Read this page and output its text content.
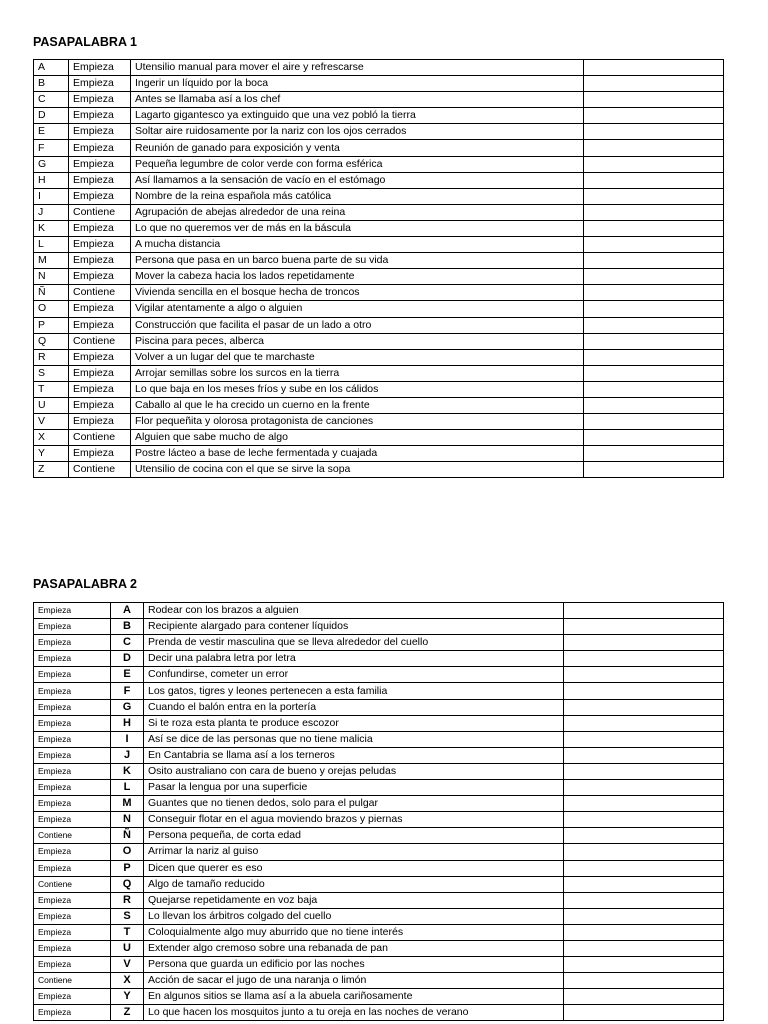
PASAPALABRA 1
A	Empieza	Utensilio manual para mover el aire y refrescarse	
B	Empieza	Ingerir un líquido por la boca	
C	Empieza	Antes se llamaba así a los chef	
D	Empieza	Lagarto gigantesco ya extinguido que una vez pobló la tierra	
E	Empieza	Soltar aire ruidosamente por la nariz con los ojos cerrados	
F	Empieza	Reunión de ganado para exposición y venta	
G	Empieza	Pequeña legumbre de color verde con forma esférica	
H	Empieza	Así llamamos a la sensación de vacío en el estómago	
I	Empieza	Nombre de la reina española más católica	
J	Contiene	Agrupación de abejas alrededor de una reina	
K	Empieza	Lo que no queremos ver de más en la báscula	
L	Empieza	A mucha distancia	
M	Empieza	Persona que pasa en un barco buena parte de su vida	
N	Empieza	Mover la cabeza hacia los lados repetidamente	
Ñ	Contiene	Vivienda sencilla en el bosque hecha de troncos	
O	Empieza	Vigilar atentamente a algo o alguien	
P	Empieza	Construcción que facilita el pasar de un lado a otro	
Q	Contiene	Piscina para peces, alberca	
R	Empieza	Volver a un lugar del que te marchaste	
S	Empieza	Arrojar semillas sobre los surcos en la tierra	
T	Empieza	Lo que baja en los meses fríos y sube en los cálidos	
U	Empieza	Caballo al que le ha crecido un cuerno en la frente	
V	Empieza	Flor pequeñita y olorosa protagonista de canciones	
X	Contiene	Alguien que sabe mucho de algo	
Y	Empieza	Postre lácteo a base de leche fermentada y cuajada	
Z	Contiene	Utensilio de cocina con el que se sirve la sopa	
PASAPALABRA 2
Empieza	A	Rodear con los brazos a alguien	
Empieza	B	Recipiente alargado para contener líquidos	
Empieza	C	Prenda de vestir masculina que se lleva alrededor del cuello	
Empieza	D	Decir una palabra letra por letra	
Empieza	E	Confundirse, cometer un error	
Empieza	F	Los gatos, tigres y leones pertenecen a esta familia	
Empieza	G	Cuando el balón entra en la portería	
Empieza	H	Si te roza esta planta te produce escozor	
Empieza	I	Así se dice de las personas que no tiene malicia	
Empieza	J	En Cantabria se llama así a los terneros	
Empieza	K	Osito australiano con cara de bueno y orejas peludas	
Empieza	L	Pasar la lengua por una superficie	
Empieza	M	Guantes que no tienen dedos, solo para el pulgar	
Empieza	N	Conseguir flotar en el agua moviendo brazos y piernas	
Contiene	Ñ	Persona pequeña, de corta edad	
Empieza	O	Arrimar la nariz al guiso	
Empieza	P	Dicen que querer es eso	
Contiene	Q	Algo de tamaño reducido	
Empieza	R	Quejarse repetidamente en voz baja	
Empieza	S	Lo llevan los árbitros colgado del cuello	
Empieza	T	Coloquialmente algo muy aburrido que no tiene interés	
Empieza	U	Extender algo cremoso sobre una rebanada de pan	
Empieza	V	Persona que guarda un edificio por las noches	
Contiene	X	Acción de sacar el jugo de una naranja o limón	
Empieza	Y	En algunos sitios se llama así a la abuela cariñosamente	
Empieza	Z	Lo que hacen los mosquitos junto a tu oreja en las noches de verano	
